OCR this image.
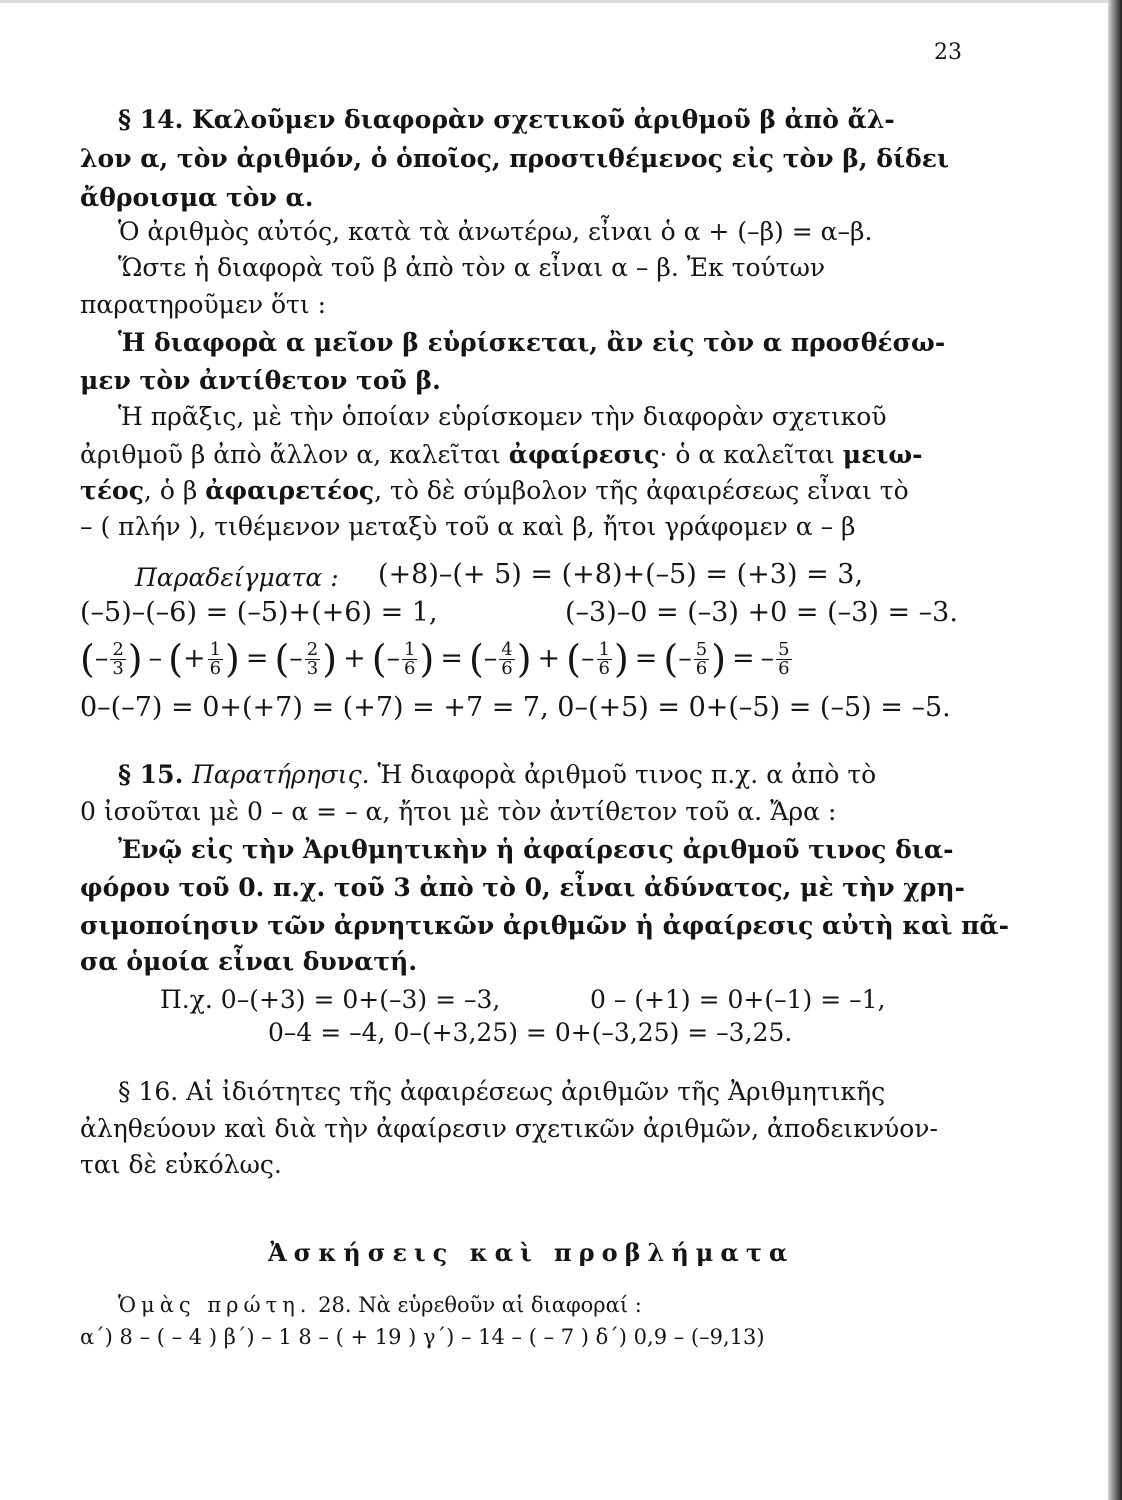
23
§ 14. Καλοῦμεν διαφορὰν σχετικοῦ ἀριθμοῦ β ἀπὸ ἄλ-
λον α, τὸν ἀριθμόν, ὁ ὁποῖος, προστιθέμενος εἰς τὸν β, δίδει
ἄθροισμα τὸν α.
Ὁ ἀριθμὸς αὐτός, κατὰ τὰ ἀνωτέρω, εἶναι ὁ α + (–β) = α–β.
Ὥστε ἡ διαφορὰ τοῦ β ἀπὸ τὸν α εἶναι α – β. Ἐκ τούτων
παρατηροῦμεν ὅτι :
Ἡ διαφορὰ α μεῖον β εὑρίσκεται, ἂν εἰς τὸν α προσθέσω-
μεν τὸν ἀντίθετον τοῦ β.
Ἡ πρᾶξις, μὲ τὴν ὁποίαν εὑρίσκομεν τὴν διαφορὰν σχετικοῦ
ἀριθμοῦ β ἀπὸ ἄλλον α, καλεῖται ἀφαίρεσις· ὁ α καλεῖται μειω-
τέος, ὁ β ἀφαιρετέος, τὸ δὲ σύμβολον τῆς ἀφαιρέσεως εἶναι τὸ
– ( πλήν ), τιθέμενον μεταξὺ τοῦ α καὶ β, ἤτοι γράφομεν α – β
Παραδείγματα : (+8)–(+ 5) = (+8)+(–5) = (+3) = 3,
(–5)–(–6) = (–5)+(+6) = 1,	(–3)–0 = (–3) +0 = (–3) = –3.
( – $\frac{2}{3}$ ) – ( + $\frac{1}{6}$ ) = ( – $\frac{2}{3}$ ) + ( – $\frac{1}{6}$ ) = ( – $\frac{4}{6}$ ) + ( – $\frac{1}{6}$ ) = ( – $\frac{5}{6}$ ) = – $\frac{5}{6}$
0–(–7) = 0+(+7) = (+7) = +7 = 7, 0–(+5) = 0+(–5) = (–5) = –5.
§ 15. Παρατήρησις. Ἡ διαφορὰ ἀριθμοῦ τινος π.χ. α ἀπὸ τὸ
0 ἰσοῦται μὲ 0 – α = – α, ἤτοι μὲ τὸν ἀντίθετον τοῦ α. Ἄρα :
Ἐνῷ εἰς τὴν Ἀριθμητικὴν ἡ ἀφαίρεσις ἀριθμοῦ τινος δια-
φόρου τοῦ 0. π.χ. τοῦ 3 ἀπὸ τὸ 0, εἶναι ἀδύνατος, μὲ τὴν χρη-
σιμοποίησιν τῶν ἀρνητικῶν ἀριθμῶν ἡ ἀφαίρεσις αὐτὴ καὶ πᾶ-
σα ὁμοία εἶναι δυνατή.
Π.χ. 0–(+3) = 0+(–3) = –3,	0 – (+1) = 0+(–1) = –1,
0–4 = –4, 0–(+3,25) = 0+(–3,25) = –3,25.
§ 16. Αἱ ἰδιότητες τῆς ἀφαιρέσεως ἀριθμῶν τῆς Ἀριθμητικῆς
ἀληθεύουν καὶ διὰ τὴν ἀφαίρεσιν σχετικῶν ἀριθμῶν, ἀποδεικνύον-
ται δὲ εὐκόλως.
Ἀσκήσεις καὶ προβλήματα
Ὁμὰς πρώτη. 28. Νὰ εὑρεθοῦν αἱ διαφοραί :
α΄) 8 – ( – 4 ) β΄) – 1 8 – ( + 19 ) γ΄) – 14 – ( – 7 ) δ΄) 0,9 – (–9,13)
